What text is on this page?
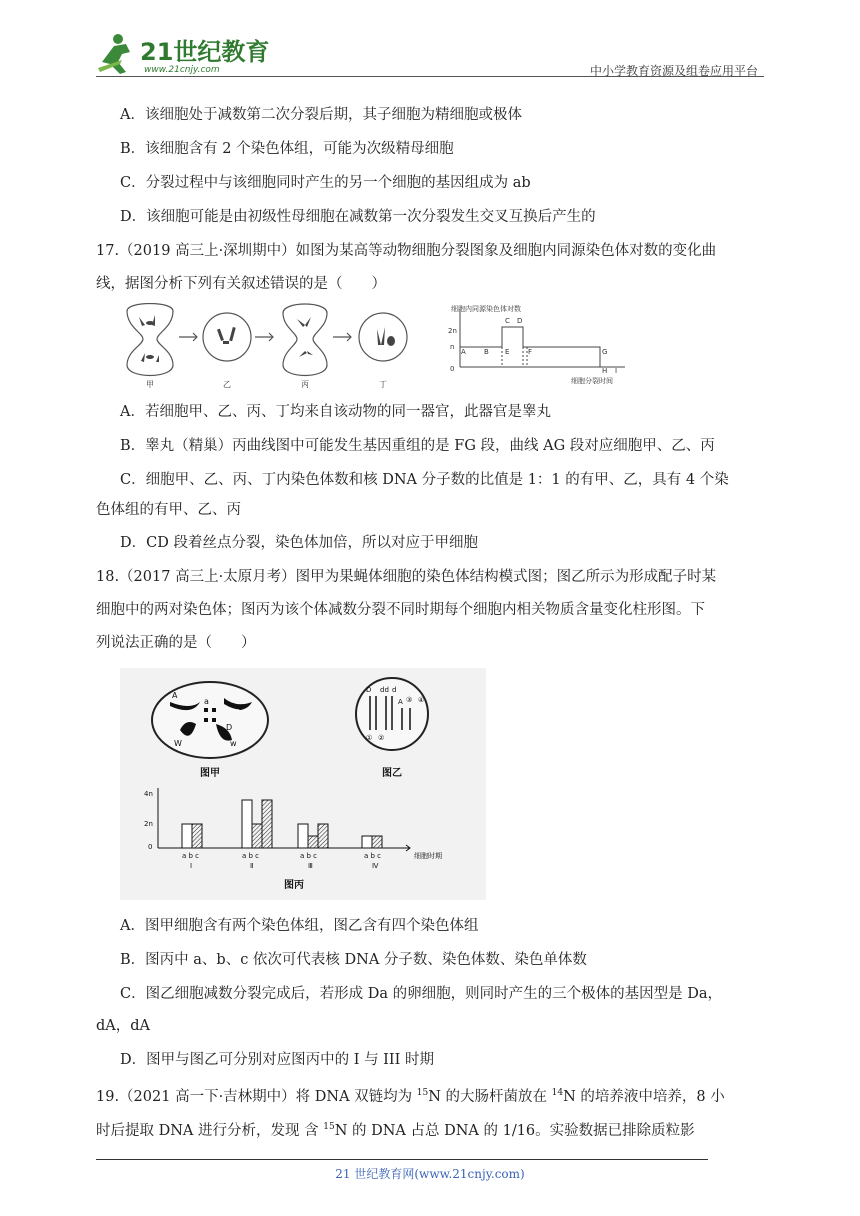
21世纪教育
www.21cnjy.com	中小学教育资源及组卷应用平台
A．该细胞处于减数第二次分裂后期，其子细胞为精细胞或极体
B．该细胞含有 2 个染色体组，可能为次级精母细胞
C．分裂过程中与该细胞同时产生的另一个细胞的基因组成为 ab
D．该细胞可能是由初级性母细胞在减数第一次分裂发生交叉互换后产生的
17.（2019 高三上·深圳期中）如图为某高等动物细胞分裂图象及细胞内同源染色体对数的变化曲
线，据图分析下列有关叙述错误的是（　　）
甲	乙	丙	丁
细胞内同源染色体对数
2n
n
0
A	B
C D
E	F	G
H I
细胞分裂时间
A．若细胞甲、乙、丙、丁均来自该动物的同一器官，此器官是睾丸
B．睾丸（精巢）丙曲线图中可能发生基因重组的是 FG 段，曲线 AG 段对应细胞甲、乙、丙
C．细胞甲、乙、丙、丁内染色体数和核 DNA 分子数的比值是 1：1 的有甲、乙，具有 4 个染
色体组的有甲、乙、丙
D．CD 段着丝点分裂，染色体加倍，所以对应于甲细胞
18.（2017 高三上·太原月考）图甲为果蝇体细胞的染色体结构模式图；图乙所示为形成配子时某
细胞中的两对染色体；图丙为该个体减数分裂不同时期每个细胞内相关物质含量变化柱形图。下
列说法正确的是（　　）
A
a
d
D
w
W
图甲
D dd d
A ③ ④
① ②
图乙
4n
2n
0
a b c	a b c	a b c	a b c
Ⅰ	Ⅱ	Ⅲ	Ⅳ
细胞时期
图丙
A．图甲细胞含有两个染色体组，图乙含有四个染色体组
B．图丙中 a、b、c 依次可代表核 DNA 分子数、染色体数、染色单体数
C．图乙细胞减数分裂完成后，若形成 Da 的卵细胞，则同时产生的三个极体的基因型是 Da，
dA，dA
D．图甲与图乙可分别对应图丙中的 I 与 III 时期
19.（2021 高一下·吉林期中）将 DNA 双链均为 $^{15}$N 的大肠杆菌放在 $^{14}$N 的培养液中培养，8 小
时后提取 DNA 进行分析，发现 含 $^{15}$N 的 DNA 占总 DNA 的 1/16。实验数据已排除质粒影
21 世纪教育网(www.21cnjy.com)
